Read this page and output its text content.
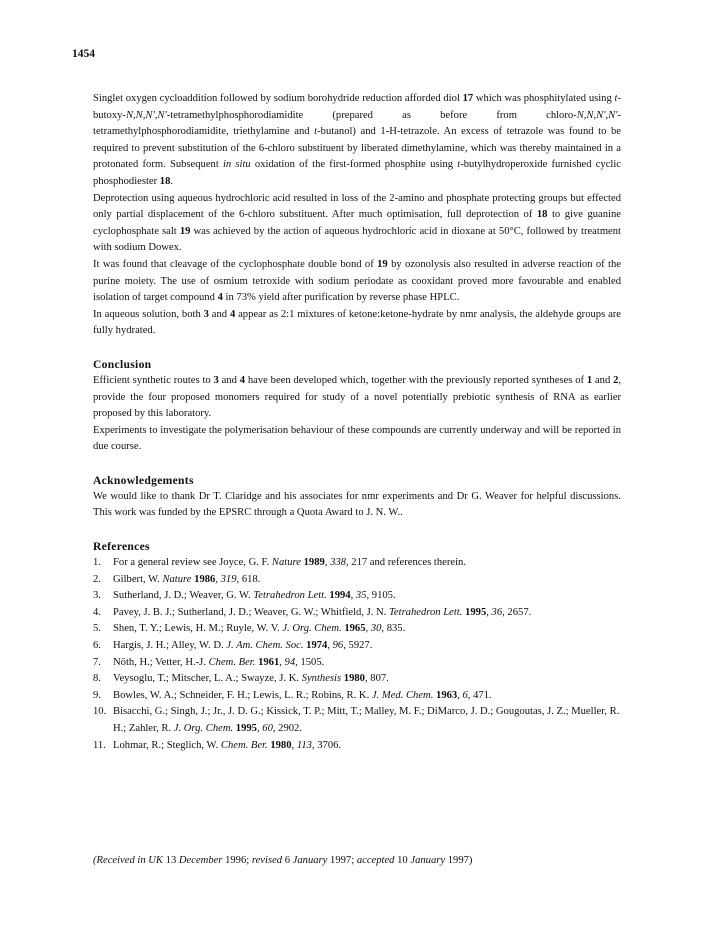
1454

Singlet oxygen cycloaddition followed by sodium borohydride reduction afforded diol 17 which was phosphitylated using t-butoxy-N,N,N',N'-tetramethylphosphorodiamidite (prepared as before from chloro-N,N,N',N'-tetramethylphosphorodiamidite, triethylamine and t-butanol) and 1-H-tetrazole. An excess of tetrazole was found to be required to prevent substitution of the 6-chloro substituent by liberated dimethylamine, which was thereby maintained in a protonated form. Subsequent in situ oxidation of the first-formed phosphite using t-butylhydroperoxide furnished cyclic phosphodiester 18.

Deprotection using aqueous hydrochloric acid resulted in loss of the 2-amino and phosphate protecting groups but effected only partial displacement of the 6-chloro substituent. After much optimisation, full deprotection of 18 to give guanine cyclophosphate salt 19 was achieved by the action of aqueous hydrochloric acid in dioxane at 50°C, followed by treatment with sodium Dowex.

It was found that cleavage of the cyclophosphate double bond of 19 by ozonolysis also resulted in adverse reaction of the purine moiety. The use of osmium tetroxide with sodium periodate as cooxidant proved more favourable and enabled isolation of target compound 4 in 73% yield after purification by reverse phase HPLC.

In aqueous solution, both 3 and 4 appear as 2:1 mixtures of ketone:ketone-hydrate by nmr analysis, the aldehyde groups are fully hydrated.

Conclusion

Efficient synthetic routes to 3 and 4 have been developed which, together with the previously reported syntheses of 1 and 2, provide the four proposed monomers required for study of a novel potentially prebiotic synthesis of RNA as earlier proposed by this laboratory.

Experiments to investigate the polymerisation behaviour of these compounds are currently underway and will be reported in due course.

Acknowledgements

We would like to thank Dr T. Claridge and his associates for nmr experiments and Dr G. Weaver for helpful discussions. This work was funded by the EPSRC through a Quota Award to J. N. W..

References
1. For a general review see Joyce, G. F. Nature 1989, 338, 217 and references therein.
2. Gilbert, W. Nature 1986, 319, 618.
3. Sutherland, J. D.; Weaver, G. W. Tetrahedron Lett. 1994, 35, 9105.
4. Pavey, J. B. J.; Sutherland, J. D.; Weaver, G. W.; Whitfield, J. N. Tetrahedron Lett. 1995, 36, 2657.
5. Shen, T. Y.; Lewis, H. M.; Ruyle, W. V. J. Org. Chem. 1965, 30, 835.
6. Hargis, J. H.; Alley, W. D. J. Am. Chem. Soc. 1974, 96, 5927.
7. Nöth, H.; Vetter, H.-J. Chem. Ber. 1961, 94, 1505.
8. Veysoglu, T.; Mitscher, L. A.; Swayze, J. K. Synthesis 1980, 807.
9. Bowles, W. A.; Schneider, F. H.; Lewis, L. R.; Robins, R. K. J. Med. Chem. 1963, 6, 471.
10. Bisacchi, G.; Singh, J.; Jr., J. D. G.; Kissick, T. P.; Mitt, T.; Malley, M. F.; DiMarco, J. D.; Gougoutas, J. Z.; Mueller, R. H.; Zahler, R. J. Org. Chem. 1995, 60, 2902.
11. Lohmar, R.; Steglich, W. Chem. Ber. 1980, 113, 3706.
(Received in UK 13 December 1996; revised 6 January 1997; accepted 10 January 1997)
